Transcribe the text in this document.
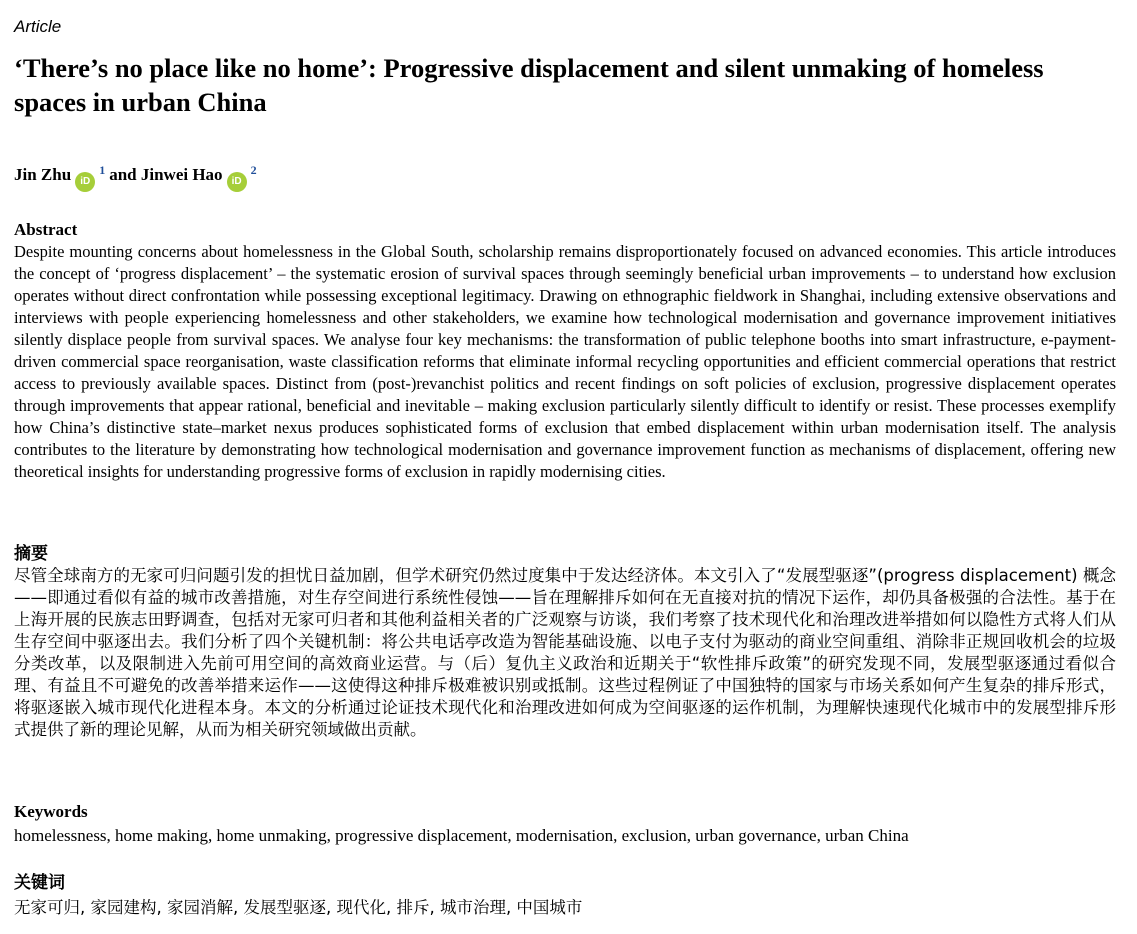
Article
‘There’s no place like no home’: Progressive displacement and silent unmaking of homeless spaces in urban China
Jin Zhu iD$^1$ and Jinwei Hao iD$^2$
Abstract

Despite mounting concerns about homelessness in the Global South, scholarship remains disproportionately focused on advanced economies. This article introduces the concept of ‘progress displacement’ – the systematic erosion of survival spaces through seemingly beneficial urban improvements – to understand how exclusion operates without direct confrontation while possessing exceptional legitimacy. Drawing on ethnographic fieldwork in Shanghai, including extensive observations and interviews with people experiencing homelessness and other stakeholders, we examine how technological modernisation and governance improvement initiatives silently displace people from survival spaces. We analyse four key mechanisms: the transformation of public telephone booths into smart infrastructure, e-payment-driven commercial space reorganisation, waste classification reforms that eliminate informal recycling opportunities and efficient commercial operations that restrict access to previously available spaces. Distinct from (post-)revanchist politics and recent findings on soft policies of exclusion, progressive displacement operates through improvements that appear rational, beneficial and inevitable – making exclusion particularly silently difficult to identify or resist. These processes exemplify how China’s distinctive state–market nexus produces sophisticated forms of exclusion that embed displacement within urban modernisation itself. The analysis contributes to the literature by demonstrating how technological modernisation and governance improvement function as mechanisms of displacement, offering new theoretical insights for understanding progressive forms of exclusion in rapidly modernising cities.

摘要

尽管全球南方的无家可归问题引发的担忧日益加剧，但学术研究仍然过度集中于发达经济体。本文引入了“发展型驱逐”(progress displacement) 概念——即通过看似有益的城市改善措施，对生存空间进行系统性侵蚀——旨在理解排斥如何在无直接对抗的情况下运作，却仍具备极强的合法性。基于在上海开展的民族志田野调查，包括对无家可归者和其他利益相关者的广泛观察与访谈，我们考察了技术现代化和治理改进举措如何以隐性方式将人们从生存空间中驱逐出去。我们分析了四个关键机制：将公共电话亭改造为智能基础设施、以电子支付为驱动的商业空间重组、消除非正规回收机会的垃圾分类改革，以及限制进入先前可用空间的高效商业运营。与（后）复仇主义政治和近期关于“软性排斥政策”的研究发现不同，发展型驱逐通过看似合理、有益且不可避免的改善举措来运作——这使得这种排斥极难被识别或抵制。这些过程例证了中国独特的国家与市场关系如何产生复杂的排斥形式，将驱逐嵌入城市现代化进程本身。本文的分析通过论证技术现代化和治理改进如何成为空间驱逐的运作机制，为理解快速现代化城市中的发展型排斥形式提供了新的理论见解，从而为相关研究领域做出贡献。

Keywords
homelessness, home making, home unmaking, progressive displacement, modernisation, exclusion, urban governance, urban China
关键词
无家可归, 家园建构, 家园消解, 发展型驱逐, 现代化, 排斥, 城市治理, 中国城市
